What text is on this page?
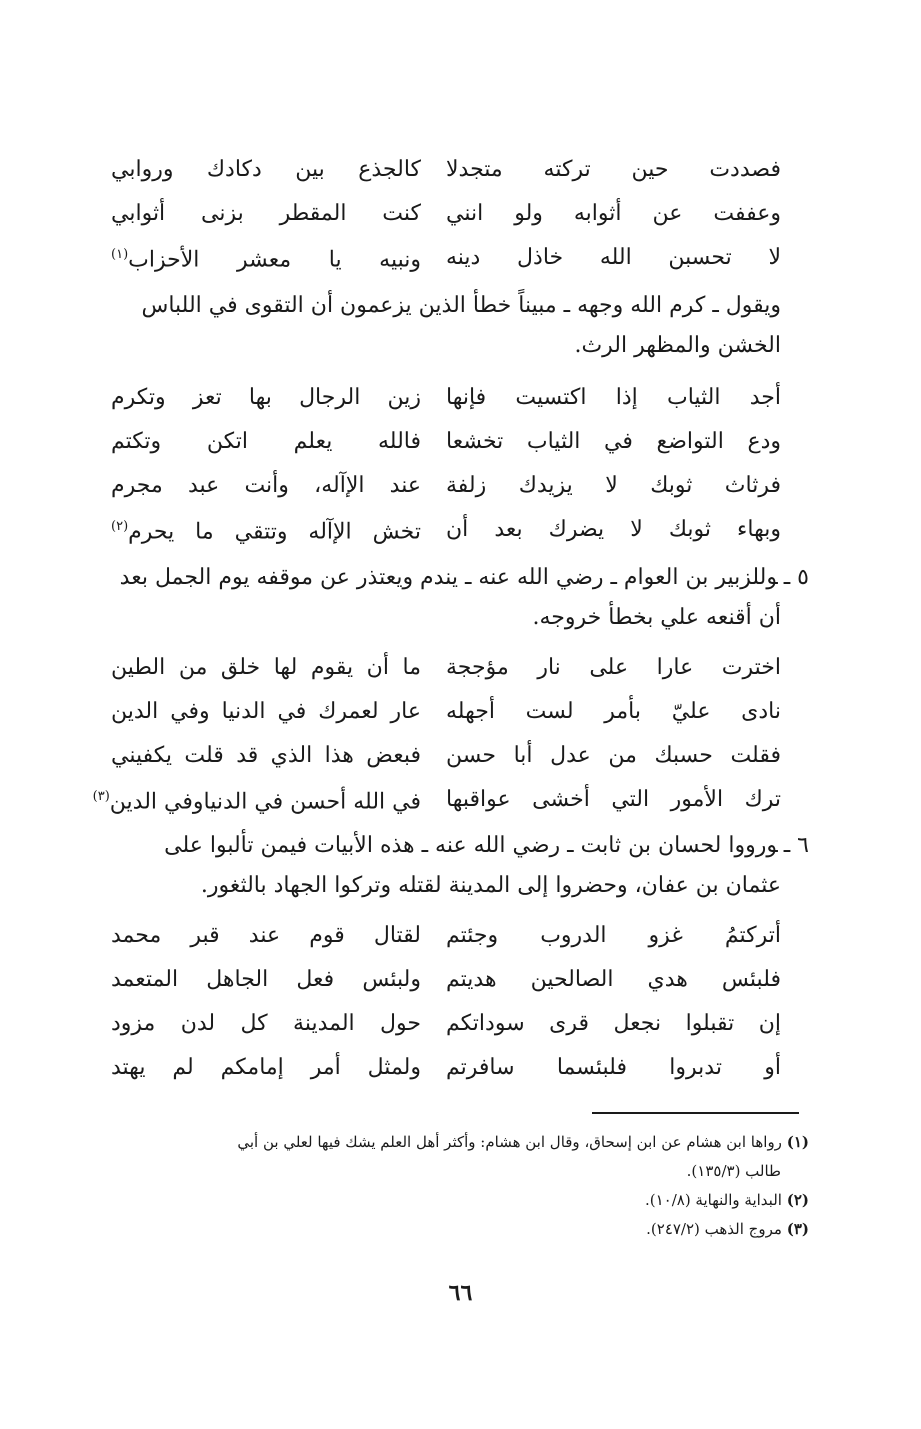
فصددت حين تركته متجدلا
كالجذع بين دكادك وروابي
وعففت عن أثوابه ولو انني
كنت المقطر بزنى أثوابي
لا تحسبن الله خاذل دينه
ونبيه يا معشر الأحزاب$^{(١)}$
ويقول ـ كرم الله وجهه ـ مبيناً خطأ الذين يزعمون أن التقوى في اللباس
الخشن والمظهر الرث.
أجد الثياب إذا اكتسيت فإنها
زين الرجال بها تعز وتكرم
ودع التواضع في الثياب تخشعا
فالله يعلم اتكن وتكتم
فرثاث ثوبك لا يزيدك زلفة
عند الإآله، وأنت عبد مجرم
وبهاء ثوبك لا يضرك بعد أن
تخش الإآله وتتقي ما يحرم$^{(٢)}$
٥ ـوللزبير بن العوام ـ رضي الله عنه ـ يندم ويعتذر عن موقفه يوم الجمل بعد
أن أقنعه علي بخطأ خروجه.
اخترت عارا على نار مؤججة
ما أن يقوم لها خلق من الطين
نادى عليّ بأمر لست أجهله
عار لعمرك في الدنيا وفي الدين
فقلت حسبك من عدل أبا حسن
فبعض هذا الذي قد قلت يكفيني
ترك الأمور التي أخشى عواقبها
في الله أحسن في الدنياوفي الدين$^{(٣)}$
٦ ـورووا لحسان بن ثابت ـ رضي الله عنه ـ هذه الأبيات فيمن تألبوا على
عثمان بن عفان، وحضروا إلى المدينة لقتله وتركوا الجهاد بالثغور.
أتركتمُ غزو الدروب وجئتم
لقتال قوم عند قبر محمد
فلبئس هدي الصالحين هديتم
ولبئس فعل الجاهل المتعمد
إن تقبلوا نجعل قرى سوداتكم
حول المدينة كل لدن مزود
أو تدبروا فلبئسما سافرتم
ولمثل أمر إمامكم لم يهتد
(١) رواها ابن هشام عن ابن إسحاق، وقال ابن هشام: وأكثر أهل العلم يشك فيها لعلي بن أبي
طالب (١٣٥/٣).
(٢) البداية والنهاية (١٠/٨).
(٣) مروج الذهب (٢٤٧/٢).
٦٦
